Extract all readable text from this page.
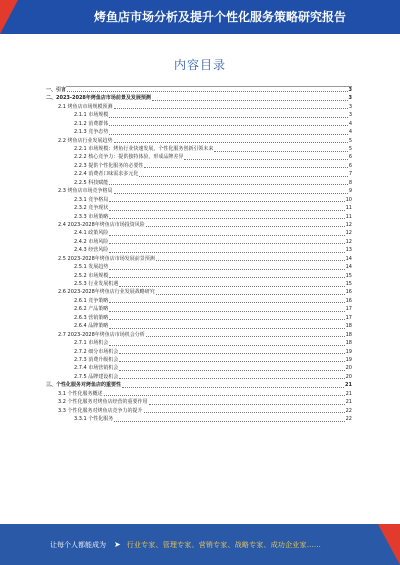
烤鱼店市场分析及提升个性化服务策略研究报告
内容目录
一、引言	3
二、2023-2028年烤鱼店市场前景及发展预测	3
2.1 烤鱼店市场规模预测	3
2.1.1 市场规模	3
2.1.2 消费群体	4
2.1.3 竞争态势	4
2.2 烤鱼店行业发展趋势	5
2.2.1 市场规模：烤鱼行业快速发展，个性化服务创新引领未来	5
2.2.2 核心竞争力：提供独特体验，形成品牌差异	6
2.2.3 提供个性化服务的必要性	6
2.2.4 消费者口味需求多元化	7
2.2.5 科技赋能	8
2.3 烤鱼店市场竞争格局	9
2.3.1 竞争格局	10
2.3.2 竞争现状	11
2.3.3 市场策略	11
2.4 2023-2028年烤鱼店市场投资风险	12
2.4.1 政策风险	12
2.4.2 市场风险	12
2.4.3 经营风险	13
2.5 2023-2028年烤鱼店市场发展前景预测	14
2.5.1 发展趋势	14
2.5.2 市场规模	15
2.5.3 行业发展机遇	15
2.6 2023-2028年烤鱼店行业发展战略研究	16
2.6.1 竞争策略	16
2.6.2 产品策略	17
2.6.3 营销策略	17
2.6.4 品牌策略	18
2.7 2023-2028年烤鱼店市场机会分析	18
2.7.1 市场机会	18
2.7.2 细分市场机会	19
2.7.3 消费升级机会	19
2.7.4 市场营销机会	20
2.7.5 品牌建设机会	20
三、个性化服务对烤鱼店的重要性	21
3.1 个性化服务概述	21
3.2 个性化服务对烤鱼店经营的重要作用	21
3.3 个性化服务对烤鱼店竞争力的提升	22
3.3.1 个性化服务	22
让每个人都能成为	➤ 行业专家、管理专家、营销专家、战略专家、成功企业家……
